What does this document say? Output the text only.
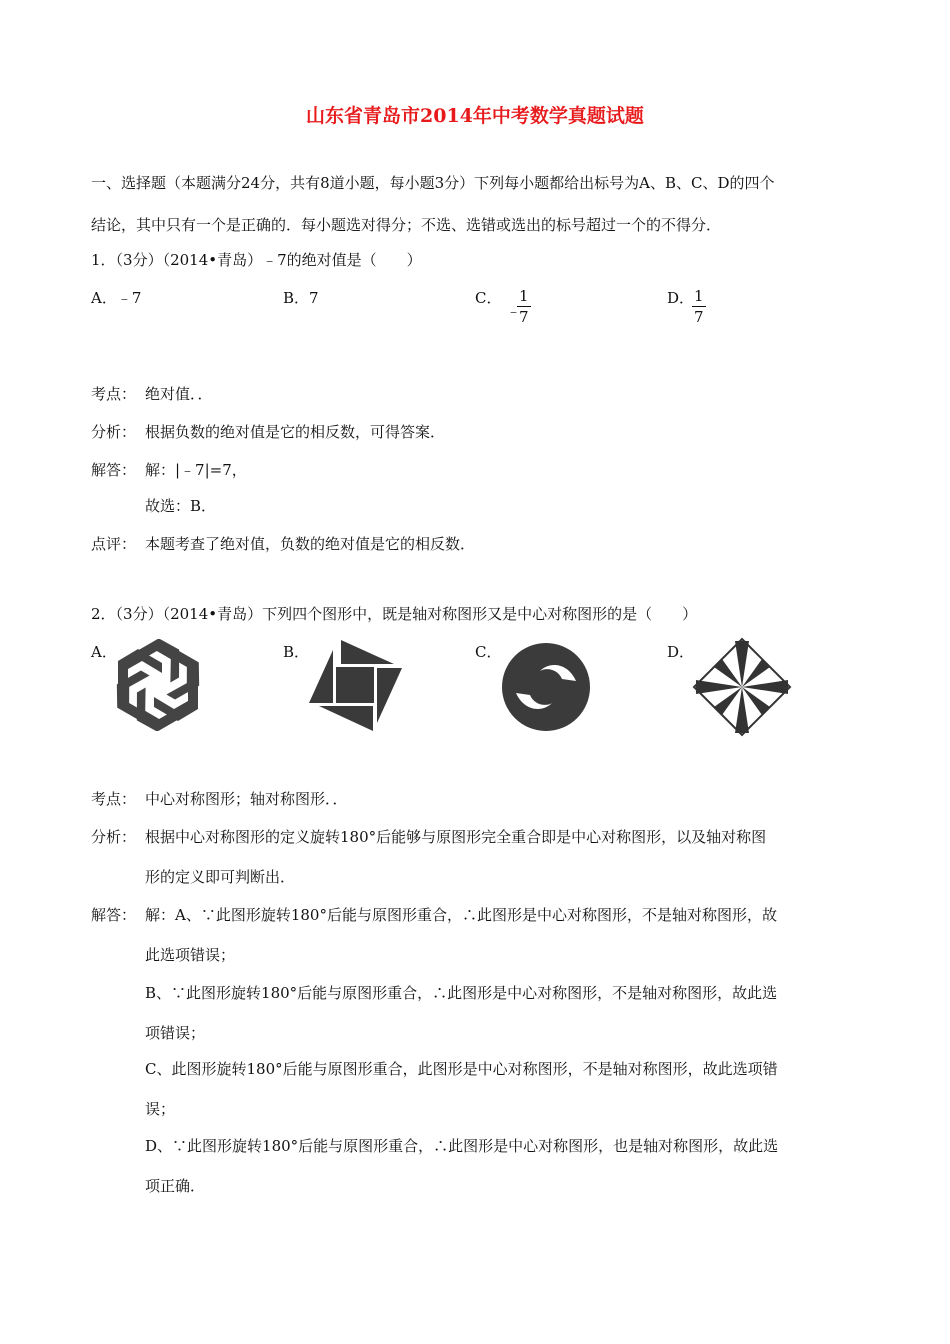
山东省青岛市2014年中考数学真题试题
一、选择题（本题满分24分，共有8道小题，每小题3分）下列每小题都给出标号为A、B、C、D的四个
结论，其中只有一个是正确的．每小题选对得分；不选、选错或选出的标号超过一个的不得分．
1．（3分）（2014•青岛）﹣7的绝对值是（　　）
A．﹣7	B．7	C．
﹣
$\frac{1}{7}$	D．
$\frac{1}{7}$
考点： 绝对值．．
分析： 根据负数的绝对值是它的相反数，可得答案．
解答： 解：|﹣7|=7，
故选：B．
点评： 本题考查了绝对值，负数的绝对值是它的相反数．
2．（3分）（2014•青岛）下列四个图形中，既是轴对称图形又是中心对称图形的是（　　）
A．	B．	C．	D．
考点： 中心对称图形；轴对称图形．．
分析： 根据中心对称图形的定义旋转180°后能够与原图形完全重合即是中心对称图形，以及轴对称图
形的定义即可判断出．
解答： 解：A、∵此图形旋转180°后能与原图形重合，∴此图形是中心对称图形，不是轴对称图形，故
此选项错误；
B、∵此图形旋转180°后能与原图形重合，∴此图形是中心对称图形，不是轴对称图形，故此选
项错误；
C、此图形旋转180°后能与原图形重合，此图形是中心对称图形，不是轴对称图形，故此选项错
误；
D、∵此图形旋转180°后能与原图形重合，∴此图形是中心对称图形，也是轴对称图形，故此选
项正确．
